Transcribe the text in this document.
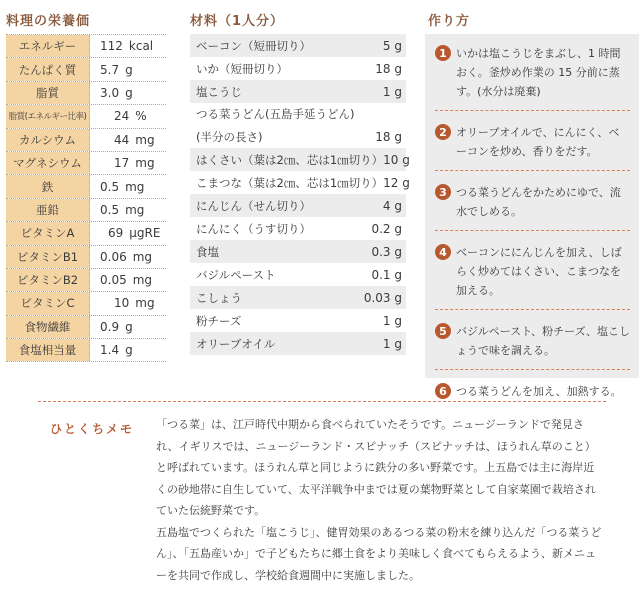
料理の栄養価	材料（1人分）	作り方
エネルギー	112 kcal
たんぱく質	5.7 g
脂質	3.0 g
脂質(エネルギー比率)	24 %
カルシウム	44 mg
マグネシウム	17 mg
鉄	0.5 mg
亜鉛	0.5 mg
ビタミンA	69 μgRE
ビタミンB1	0.06 mg
ビタミンB2	0.05 mg
ビタミンC	10 mg
食物繊維	0.9 g
食塩相当量	1.4 g
ベーコン（短冊切り）	5 g
いか（短冊切り）	18 g
塩こうじ	1 g
つる菜うどん(五島手延うどん)
(半分の長さ)	18 g
はくさい（葉は2㎝、芯は1㎝切り） 10 g
こまつな（葉は2㎝、芯は1㎝切り） 12 g
にんじん（せん切り）	4 g
にんにく（うす切り）	0.2 g
食塩	0.3 g
バジルペースト	0.1 g
こしょう	0.03 g
粉チーズ	1 g
オリーブオイル	1 g
1 いかは塩こうじをまぶし、1 時間おく。釜炒め作業の 15 分前に蒸す。(水分は廃棄)
2 オリーブオイルで、にんにく、ベーコンを炒め、香りをだす。
3 つる菜うどんをかためにゆで、流水でしめる。
4 ベーコンににんじんを加え、しばらく炒めてはくさい、こまつなを加える。
5 バジルペースト、粉チーズ、塩こしょうで味を調える。
6 つる菜うどんを加え、加熱する。
ひとくちメモ 「つる菜」は、江戸時代中期から食べられていたそうです。ニュージーランドで発見され、イギリスでは、ニュージーランド・スピナッチ（スピナッチは、ほうれん草のこと）と呼ばれています。ほうれん草と同じように鉄分の多い野菜です。上五島では主に海岸近くの砂地帯に自生していて、太平洋戦争中までは夏の葉物野菜として自家菜園で栽培されていた伝統野菜です。

五島塩でつくられた「塩こうじ」、健胃効果のあるつる菜の粉末を練り込んだ「つる菜うどん」、「五島産いか」で子どもたちに郷土食をより美味しく食べてもらえるよう、新メニューを共同で作成し、学校給食週間中に実施しました。
